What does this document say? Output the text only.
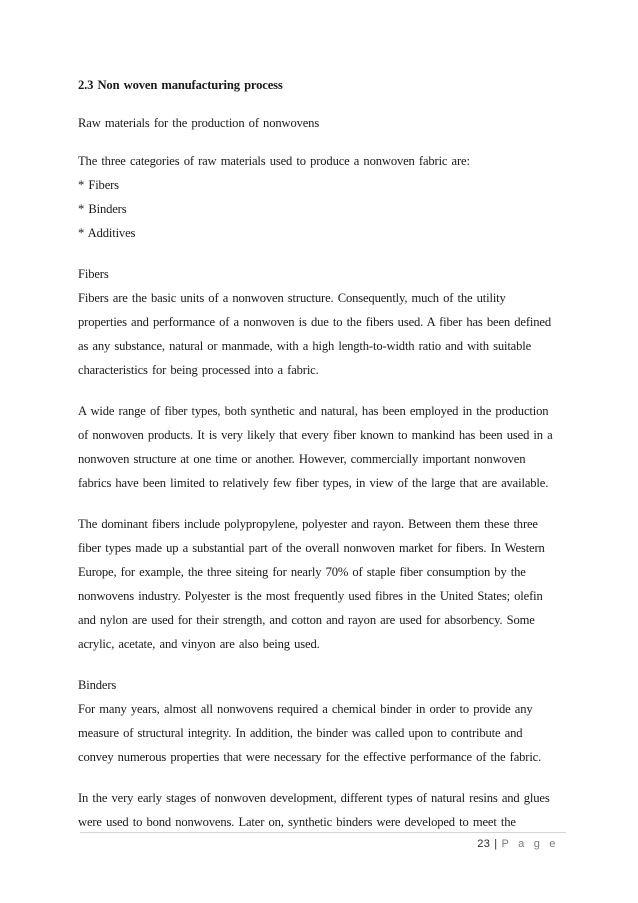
2.3 Non woven manufacturing process
Raw materials for the production of nonwovens
The three categories of raw materials used to produce a nonwoven fabric are:
* Fibers
* Binders
* Additives
Fibers
Fibers are the basic units of a nonwoven structure. Consequently, much of the utility
properties and performance of a nonwoven is due to the fibers used. A fiber has been defined
as any substance, natural or manmade, with a high length-to-width ratio and with suitable
characteristics for being processed into a fabric.
A wide range of fiber types, both synthetic and natural, has been employed in the production
of nonwoven products. It is very likely that every fiber known to mankind has been used in a
nonwoven structure at one time or another. However, commercially important nonwoven
fabrics have been limited to relatively few fiber types, in view of the large that are available.
The dominant fibers include polypropylene, polyester and rayon. Between them these three
fiber types made up a substantial part of the overall nonwoven market for fibers. In Western
Europe, for example, the three siteing for nearly 70% of staple fiber consumption by the
nonwovens industry. Polyester is the most frequently used fibres in the United States; olefin
and nylon are used for their strength, and cotton and rayon are used for absorbency. Some
acrylic, acetate, and vinyon are also being used.
Binders
For many years, almost all nonwovens required a chemical binder in order to provide any
measure of structural integrity. In addition, the binder was called upon to contribute and
convey numerous properties that were necessary for the effective performance of the fabric.
In the very early stages of nonwoven development, different types of natural resins and glues
were used to bond nonwovens. Later on, synthetic binders were developed to meet the
23 | P a g e
